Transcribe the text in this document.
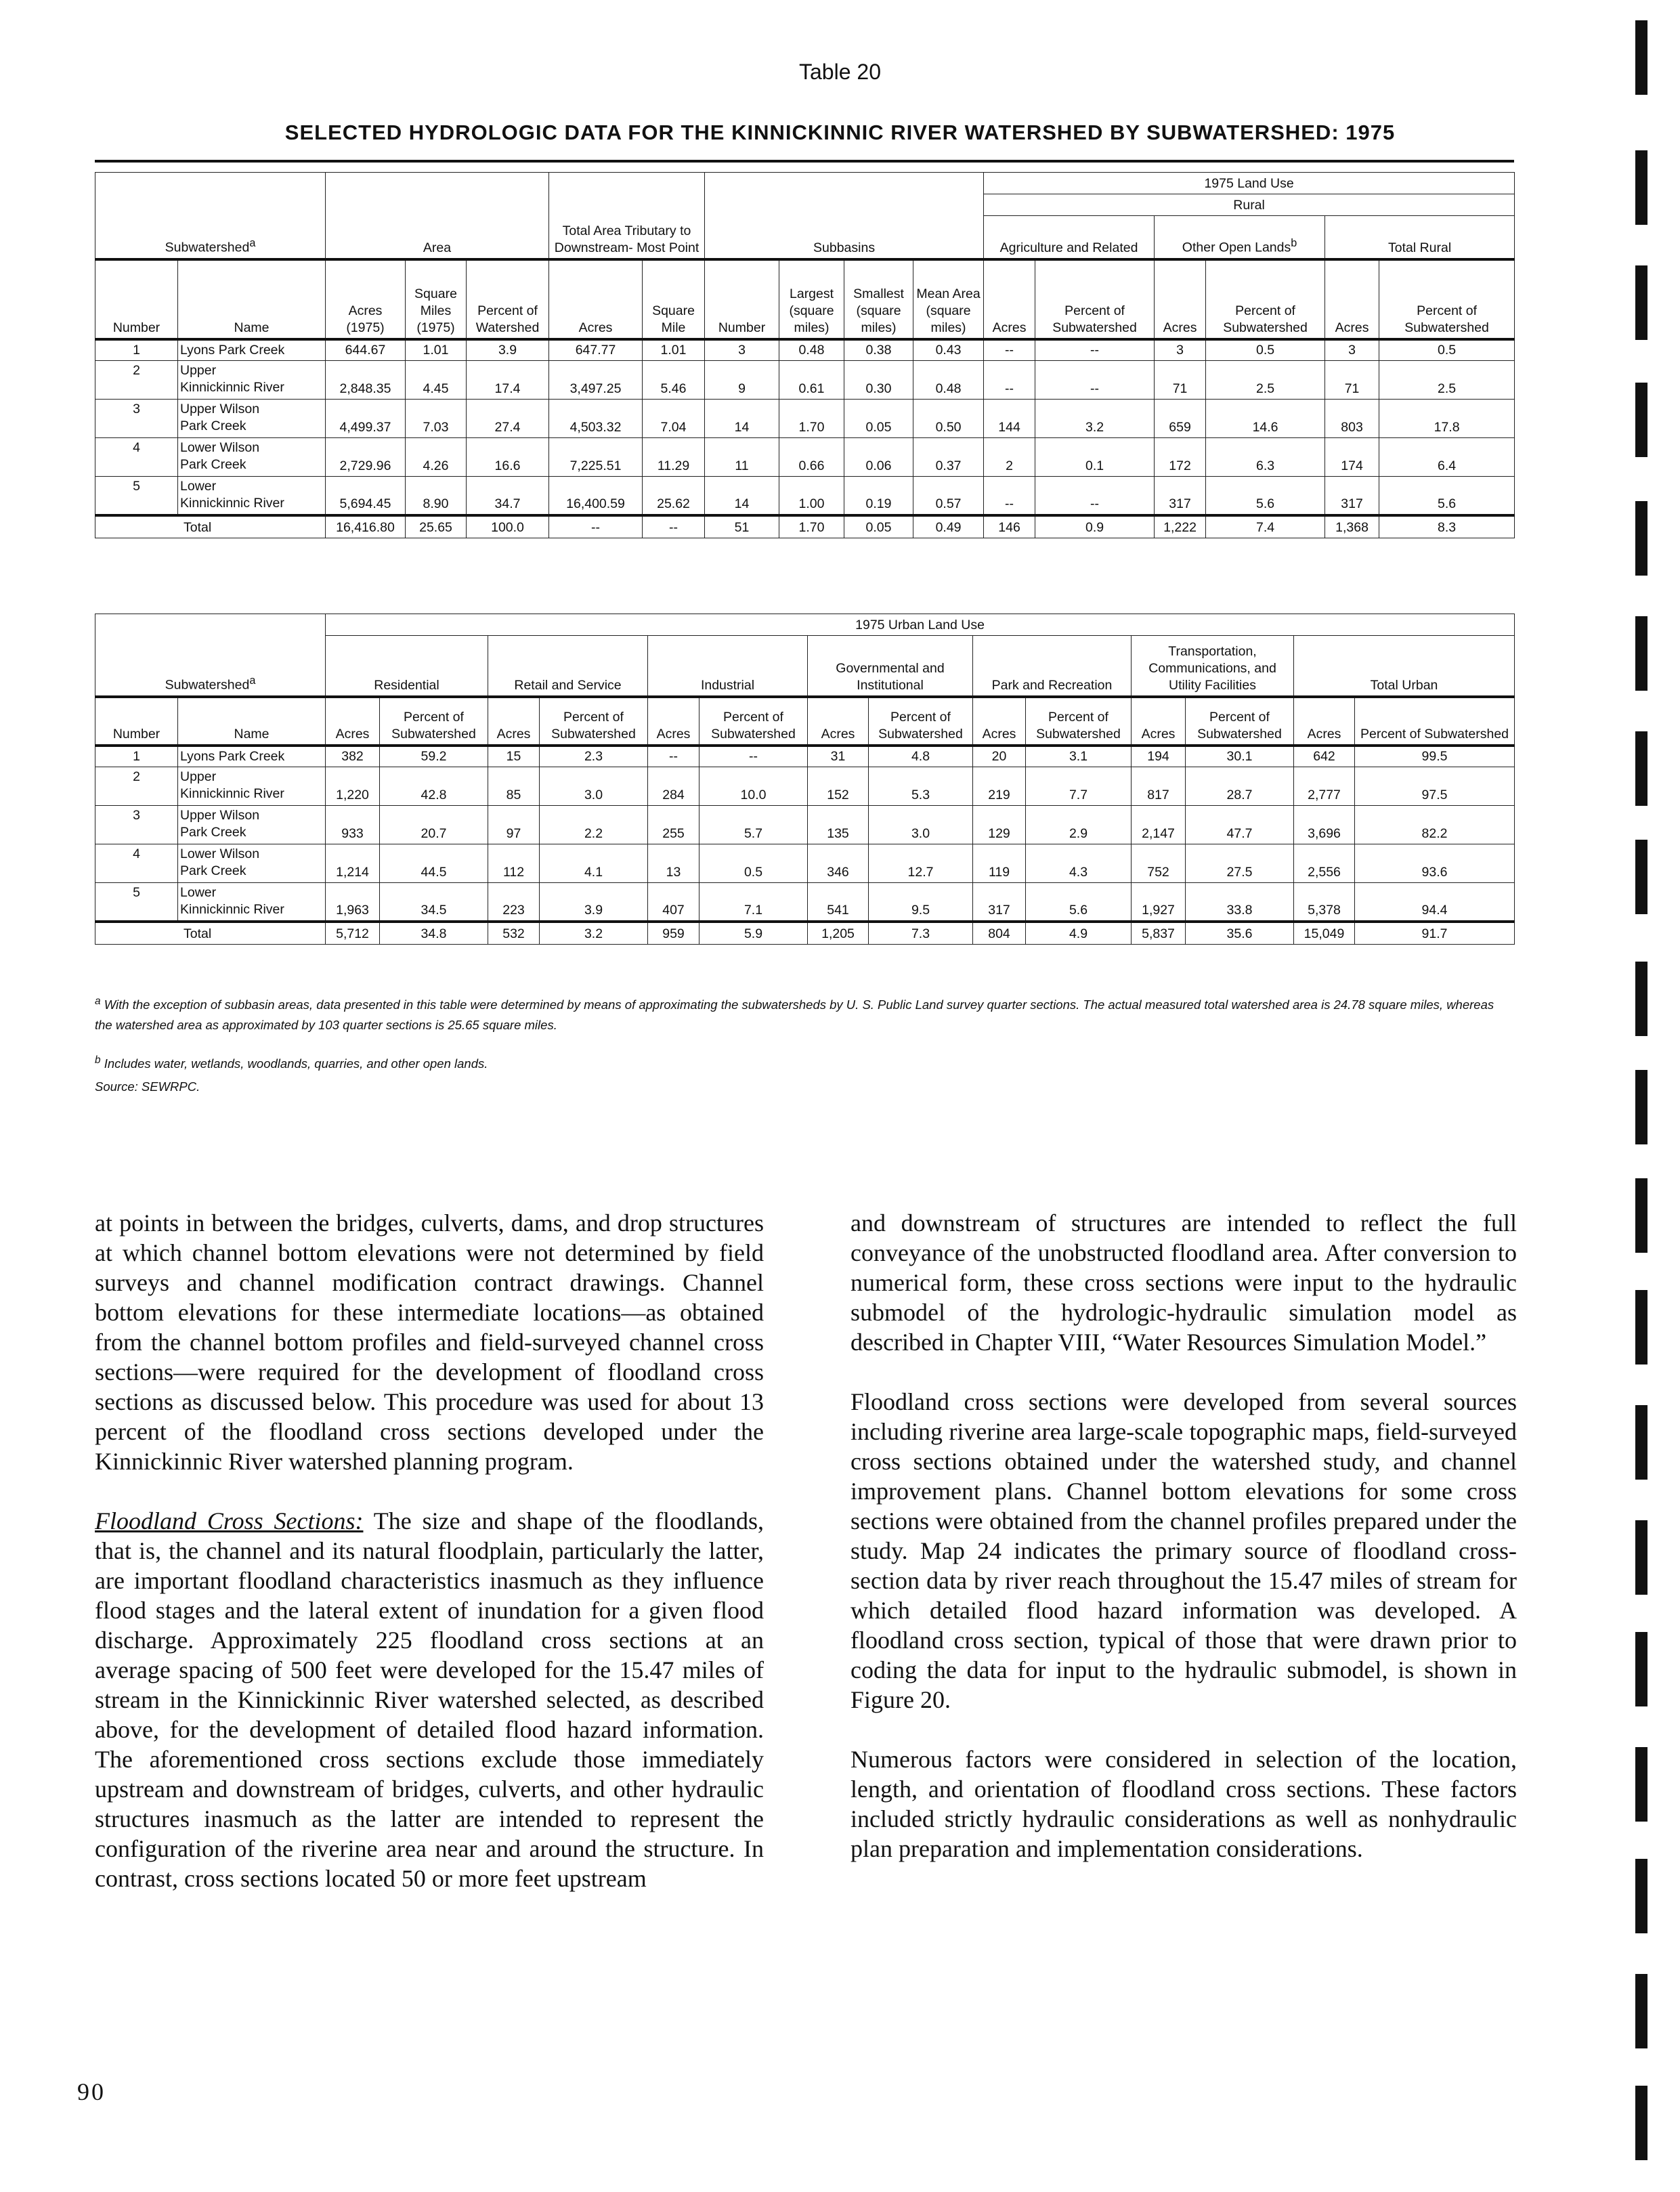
Table 20
SELECTED HYDROLOGIC DATA FOR THE KINNICKINNIC RIVER WATERSHED BY SUBWATERSHED: 1975
Subwatershed$^a$		Area			Total Area Tributary to Downstream- Most Point		Subbasins				1975 Land Use					
											Rural					
											Agriculture and Related		Other Open Lands$^b$		Total Rural	

Number	Name	Acres (1975)	Square Miles (1975)	Percent of Watershed	Acres	Square Mile	Number	Largest (square miles)	Smallest (square miles)	Mean Area (square miles)	Acres	Percent of Subwatershed	Acres	Percent of Subwatershed	Acres	Percent of Subwatershed
1	Lyons Park Creek	644.67	1.01	3.9	647.77	1.01	3	0.48	0.38	0.43	--	--	3	0.5	3	0.5
2	Upper
Kinnickinnic River	2,848.35	4.45	17.4	3,497.25	5.46	9	0.61	0.30	0.48	--	--	71	2.5	71	2.5
3	Upper Wilson
Park Creek	4,499.37	7.03	27.4	4,503.32	7.04	14	1.70	0.05	0.50	144	3.2	659	14.6	803	17.8
4	Lower Wilson
Park Creek	2,729.96	4.26	16.6	7,225.51	11.29	11	0.66	0.06	0.37	2	0.1	172	6.3	174	6.4
5	Lower
Kinnickinnic River	5,694.45	8.90	34.7	16,400.59	25.62	14	1.00	0.19	0.57	--	--	317	5.6	317	5.6
Total		16,416.80	25.65	100.0	--	--	51	1.70	0.05	0.49	146	0.9	1,222	7.4	1,368	8.3
Subwatershed$^a$		1975 Urban Land Use													
		Residential		Retail and Service		Industrial		Governmental and Institutional		Park and Recreation		Transportation, Communications, and Utility Facilities		Total Urban	
Number	Name	Acres	Percent of Subwatershed	Acres	Percent of Subwatershed	Acres	Percent of Subwatershed	Acres	Percent of Subwatershed	Acres	Percent of Subwatershed	Acres	Percent of Subwatershed	Acres	Percent of Subwatershed
1	Lyons Park Creek	382	59.2	15	2.3	--	--	31	4.8	20	3.1	194	30.1	642	99.5
2	Upper
Kinnickinnic River	1,220	42.8	85	3.0	284	10.0	152	5.3	219	7.7	817	28.7	2,777	97.5
3	Upper Wilson
Park Creek	933	20.7	97	2.2	255	5.7	135	3.0	129	2.9	2,147	47.7	3,696	82.2
4	Lower Wilson
Park Creek	1,214	44.5	112	4.1	13	0.5	346	12.7	119	4.3	752	27.5	2,556	93.6
5	Lower
Kinnickinnic River	1,963	34.5	223	3.9	407	7.1	541	9.5	317	5.6	1,927	33.8	5,378	94.4
Total		5,712	34.8	532	3.2	959	5.9	1,205	7.3	804	4.9	5,837	35.6	15,049	91.7
$^a$ With the exception of subbasin areas, data presented in this table were determined by means of approximating the subwatersheds by U. S. Public Land survey quarter sections. The actual measured total watershed area is 24.78 square miles, whereas the watershed area as approximated by 103 quarter sections is 25.65 square miles.
$^b$ Includes water, wetlands, woodlands, quarries, and other open lands.
Source: SEWRPC.

at points in between the bridges, culverts, dams, and drop structures at which channel bottom elevations were not determined by field surveys and channel modification contract drawings. Channel bottom elevations for these intermediate locations—as obtained from the channel bottom profiles and field-surveyed channel cross sections—were required for the development of floodland cross sections as discussed below. This procedure was used for about 13 percent of the floodland cross sections developed under the Kinnickinnic River watershed planning program.

Floodland Cross Sections: The size and shape of the floodlands, that is, the channel and its natural floodplain, particularly the latter, are important floodland characteristics inasmuch as they influence flood stages and the lateral extent of inundation for a given flood discharge. Approximately 225 floodland cross sections at an average spacing of 500 feet were developed for the 15.47 miles of stream in the Kinnickinnic River watershed selected, as described above, for the development of detailed flood hazard information. The aforementioned cross sections exclude those immediately upstream and downstream of bridges, culverts, and other hydraulic structures inasmuch as the latter are intended to represent the configuration of the riverine area near and around the structure. In contrast, cross sections located 50 or more feet upstream

and downstream of structures are intended to reflect the full conveyance of the unobstructed floodland area. After conversion to numerical form, these cross sections were input to the hydraulic submodel of the hydrologic-hydraulic simulation model as described in Chapter VIII, “Water Resources Simulation Model.”

Floodland cross sections were developed from several sources including riverine area large-scale topographic maps, field-surveyed cross sections obtained under the watershed study, and channel improvement plans. Channel bottom elevations for some cross sections were obtained from the channel profiles prepared under the study. Map 24 indicates the primary source of floodland cross-section data by river reach throughout the 15.47 miles of stream for which detailed flood hazard information was developed. A floodland cross section, typical of those that were drawn prior to coding the data for input to the hydraulic submodel, is shown in Figure 20.

Numerous factors were considered in selection of the location, length, and orientation of floodland cross sections. These factors included strictly hydraulic considerations as well as nonhydraulic plan preparation and implementation considerations.

90
